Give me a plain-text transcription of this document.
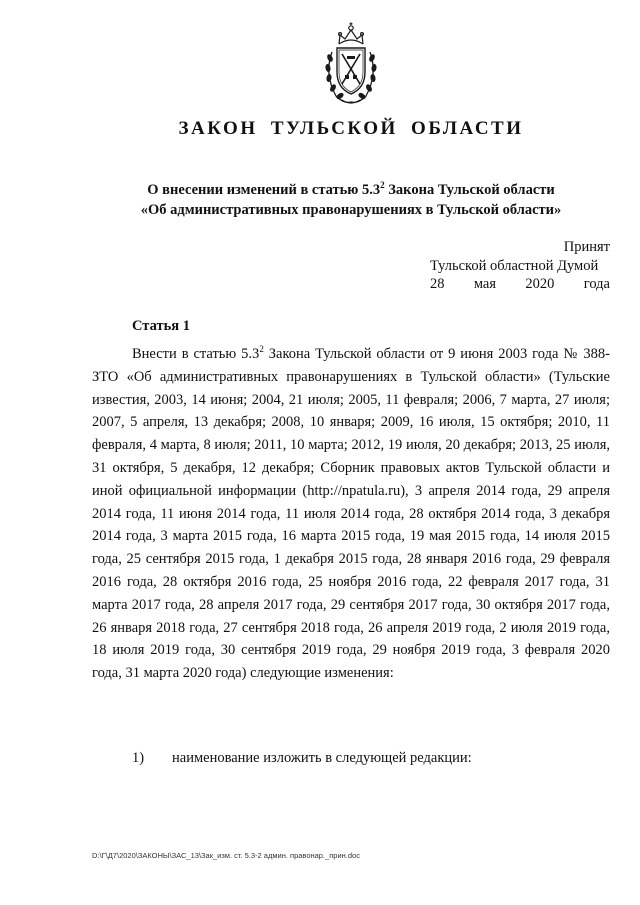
ЗАКОН ТУЛЬСКОЙ ОБЛАСТИ
О внесении изменений в статью $5.3^2$ Закона Тульской области
«Об административных правонарушениях в Тульской области»
Принят
Тульской областной Думой
28 мая 2020 года
Статья 1
Внести в статью $5.3^2$ Закона Тульской области от 9 июня 2003 года № 388-ЗТО «Об административных правонарушениях в Тульской области» (Тульские известия, 2003, 14 июня; 2004, 21 июля; 2005, 11 февраля; 2006, 7 марта, 27 июля; 2007, 5 апреля, 13 декабря; 2008, 10 января; 2009, 16 июля, 15 октября; 2010, 11 февраля, 4 марта, 8 июля; 2011, 10 марта; 2012, 19 июля, 20 декабря; 2013, 25 июля, 31 октября, 5 декабря, 12 декабря; Сборник правовых актов Тульской области и иной официальной информации (http://npatula.ru), 3 апреля 2014 года, 29 апреля 2014 года, 11 июня 2014 года, 11 июля 2014 года, 28 октября 2014 года, 3 декабря 2014 года, 3 марта 2015 года, 16 марта 2015 года, 19 мая 2015 года, 14 июля 2015 года, 25 сентября 2015 года, 1 декабря 2015 года, 28 января 2016 года, 29 февраля 2016 года, 28 октября 2016 года, 25 ноября 2016 года, 22 февраля 2017 года, 31 марта 2017 года, 28 апреля 2017 года, 29 сентября 2017 года, 30 октября 2017 года, 26 января 2018 года, 27 сентября 2018 года, 26 апреля 2019 года, 2 июля 2019 года, 18 июля 2019 года, 30 сентября 2019 года, 29 ноября 2019 года, 3 февраля 2020 года, 31 марта 2020 года) следующие изменения:
1)	наименование изложить в следующей редакции:
D:\Г\Д7\2020\ЗАКОНЫ\ЗАС_13\Зак_изм. ст. 5.3-2 админ. правонар._прин.doc
